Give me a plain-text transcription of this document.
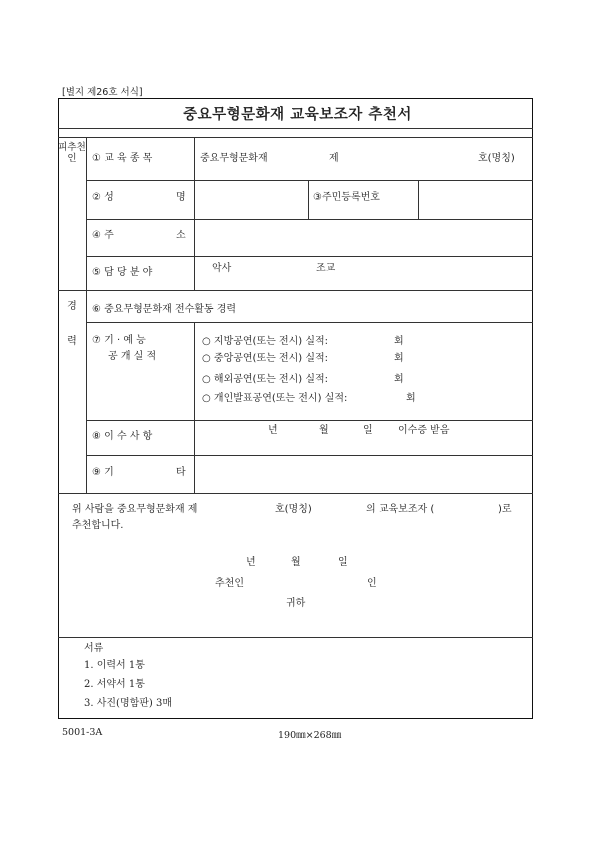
[별지 제26호 서식]
중요무형문화재 교육보조자 추천서
피추천인
경
력
① 교 육 종 목	중요무형문화재	제	호(명칭)
② 성	명	③주민등록번호
④ 주	소
⑤ 담 당 분 야	악사	조교
⑥ 중요무형문화재 전수활동 경력
⑦ 기 · 예 능
공 개 실 적
○ 지방공연(또는 전시) 실적:	회
○ 중앙공연(또는 전시) 실적:	회
○ 해외공연(또는 전시) 실적:	회
○ 개인발표공연(또는 전시) 실적:	회
⑧ 이 수 사 항
년	월	일	이수증 받음
⑨ 기	타
위 사람을 중요무형문화재 제	호(명칭)	의 교육보조자 (	)로
추천합니다.
년	월	일
추천인	인
귀하
서류
1. 이력서 1통
2. 서약서 1통
3. 사진(명함판) 3매
5001-3A	190㎜×268㎜
